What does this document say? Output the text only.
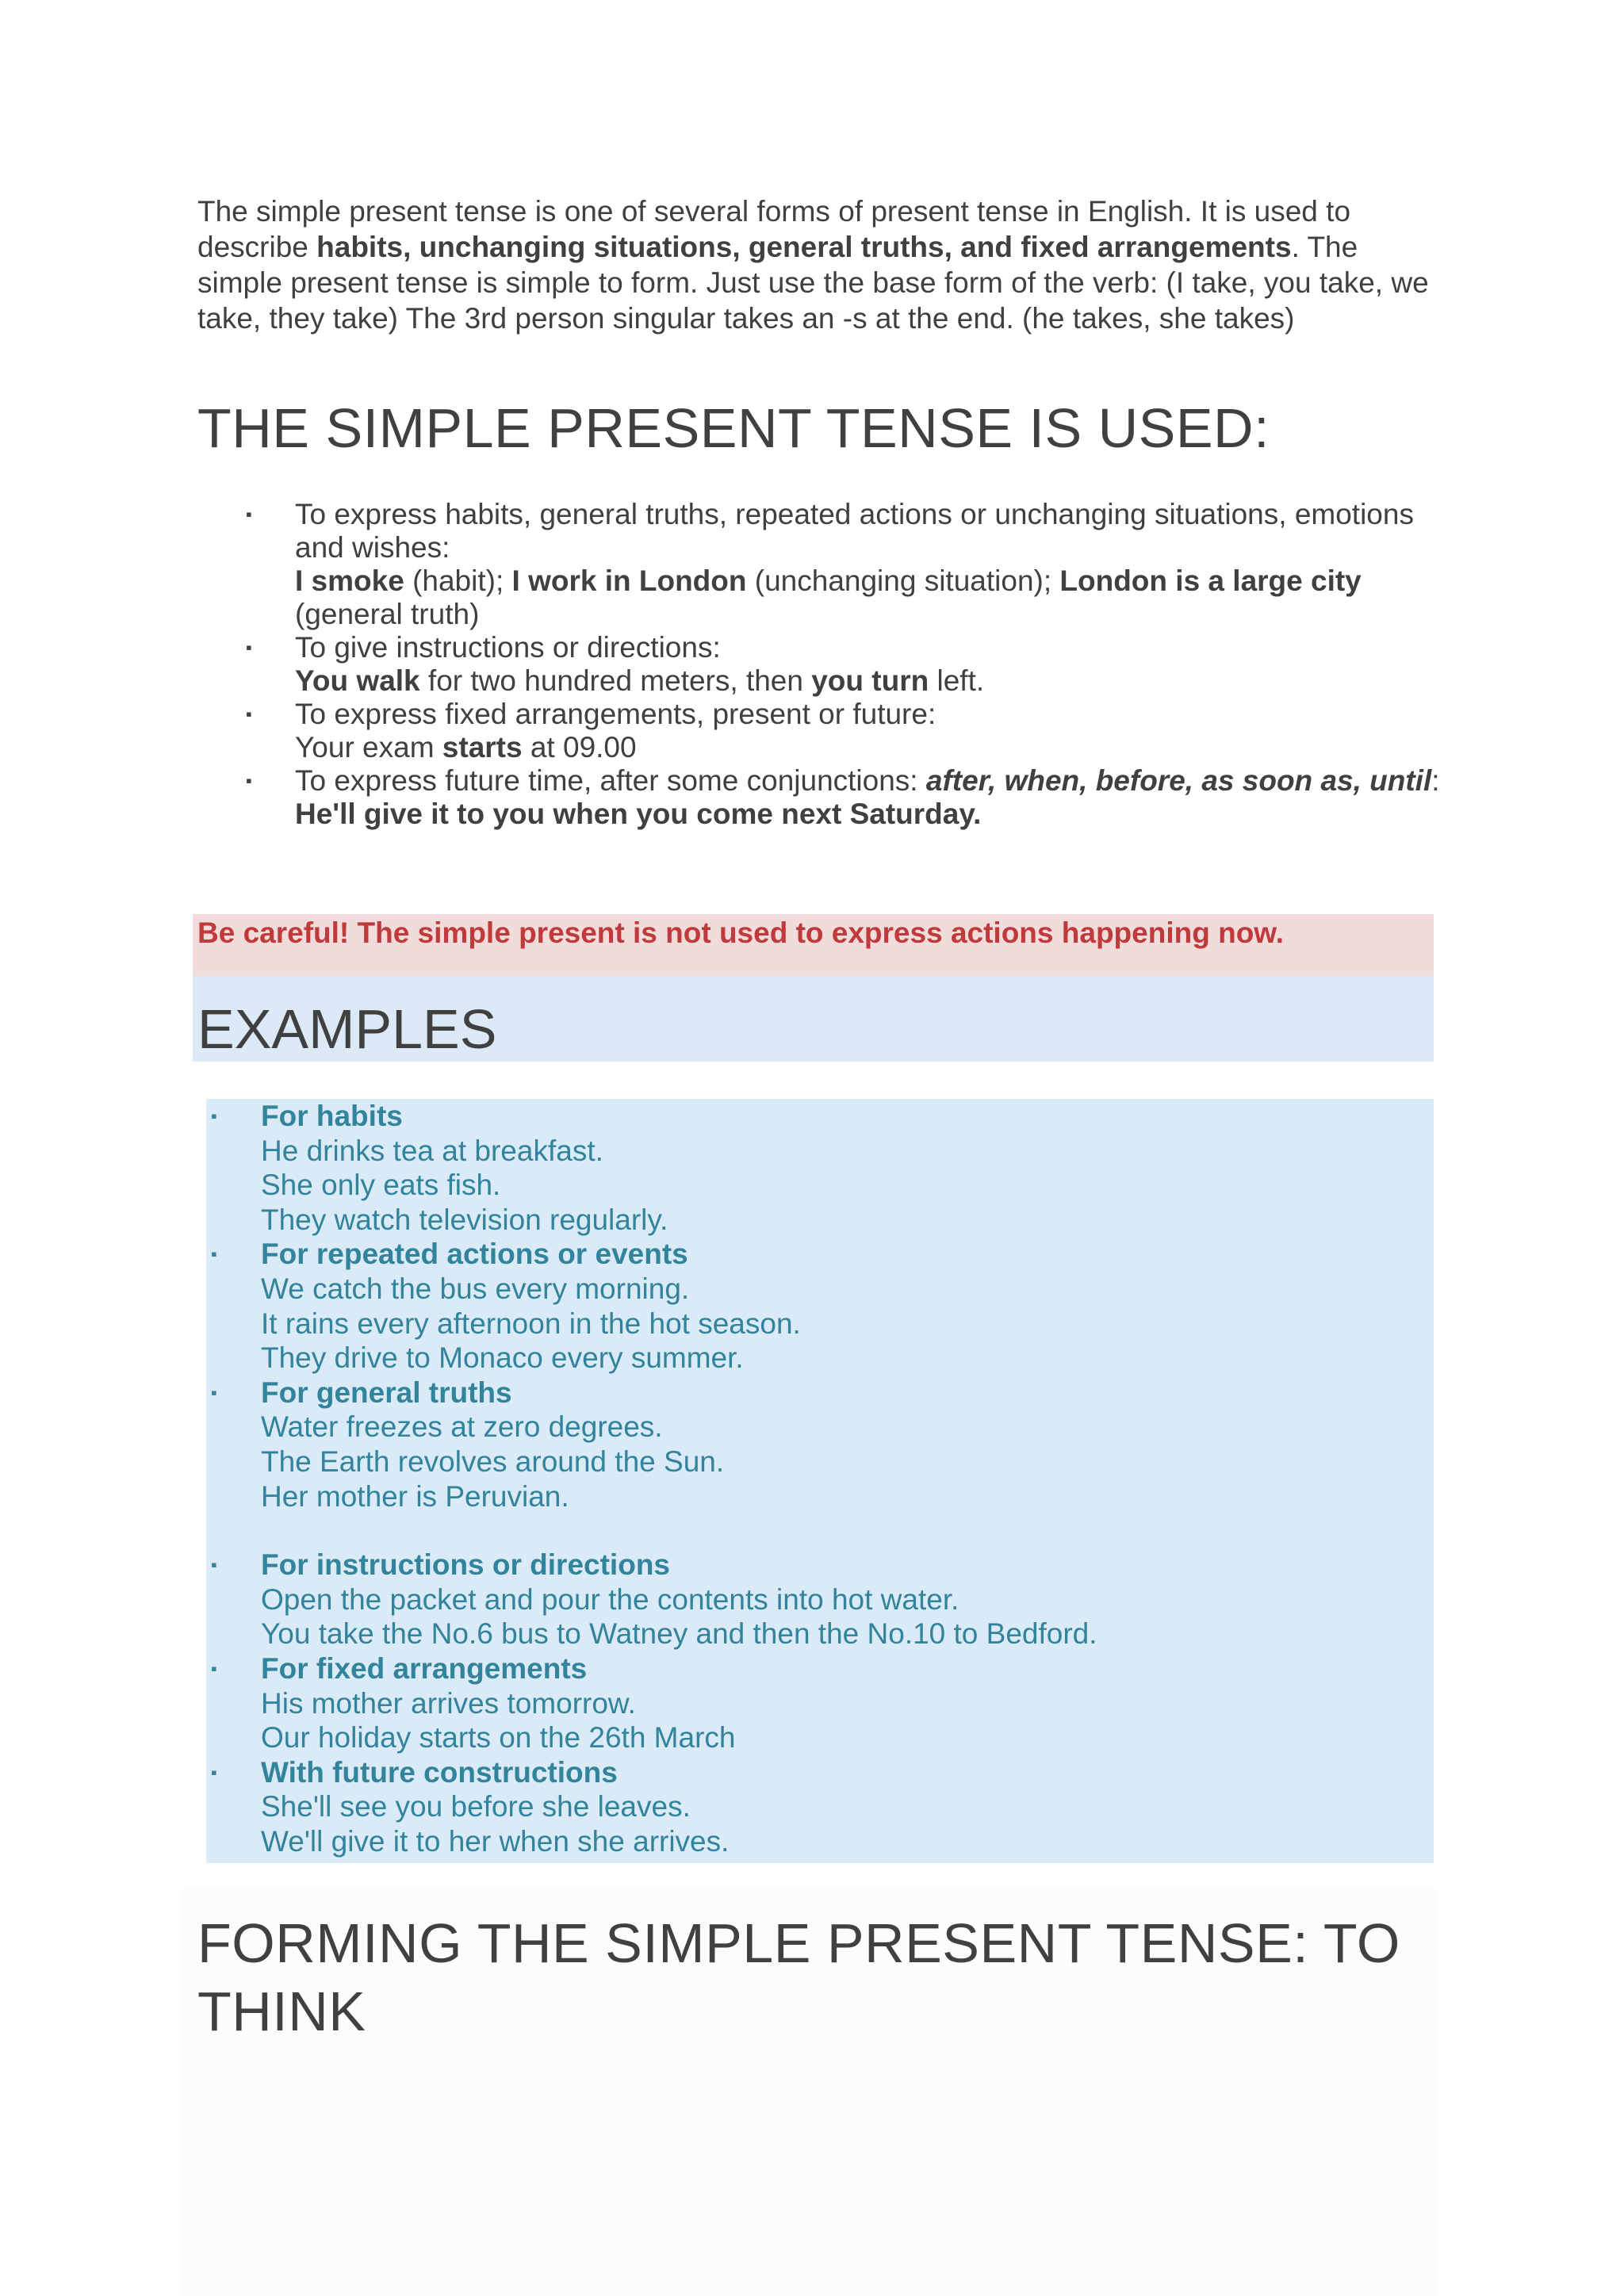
The simple present tense is one of several forms of present tense in English. It is used to describe habits, unchanging situations, general truths, and fixed arrangements. The simple present tense is simple to form. Just use the base form of the verb: (I take, you take, we take, they take) The 3rd person singular takes an -s at the end. (he takes, she takes)

THE SIMPLE PRESENT TENSE IS USED:
▪ To express habits, general truths, repeated actions or unchanging situations, emotions and wishes:
I smoke (habit); I work in London (unchanging situation); London is a large city (general truth)
▪ To give instructions or directions:
You walk for two hundred meters, then you turn left.
▪ To express fixed arrangements, present or future:
Your exam starts at 09.00
▪ To express future time, after some conjunctions: after, when, before, as soon as, until:
He'll give it to you when you come next Saturday.
Be careful! The simple present is not used to express actions happening now.
EXAMPLES
▪ For habits
He drinks tea at breakfast.
She only eats fish.
They watch television regularly.
▪ For repeated actions or events
We catch the bus every morning.
It rains every afternoon in the hot season.
They drive to Monaco every summer.
▪ For general truths
Water freezes at zero degrees.
The Earth revolves around the Sun.
Her mother is Peruvian.
▪ For instructions or directions
Open the packet and pour the contents into hot water.
You take the No.6 bus to Watney and then the No.10 to Bedford.
▪ For fixed arrangements
His mother arrives tomorrow.
Our holiday starts on the 26th March
▪ With future constructions
She'll see you before she leaves.
We'll give it to her when she arrives.
FORMING THE SIMPLE PRESENT TENSE: TO THINK
